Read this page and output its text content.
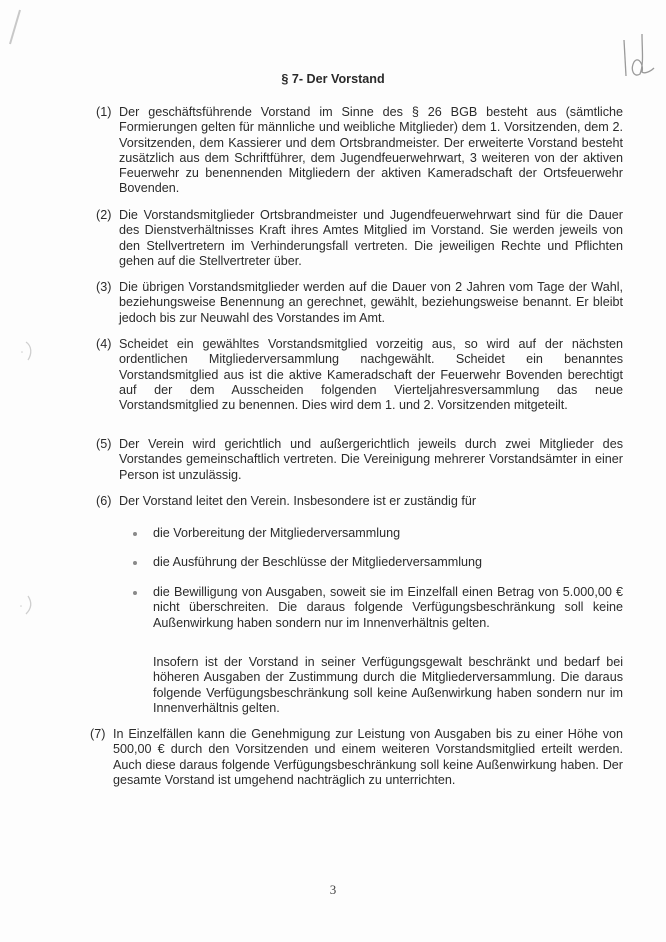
§ 7- Der Vorstand
(1) Der geschäftsführende Vorstand im Sinne des § 26 BGB besteht aus (sämtliche Formierungen gelten für männliche und weibliche Mitglieder) dem 1. Vorsitzenden, dem 2. Vorsitzenden, dem Kassierer und dem Ortsbrandmeister. Der erweiterte Vorstand besteht zusätzlich aus dem Schriftführer, dem Jugendfeuerwehrwart, 3 weiteren von der aktiven Feuerwehr zu benennenden Mitgliedern der aktiven Kameradschaft der Ortsfeuerwehr Bovenden.
(2) Die Vorstandsmitglieder Ortsbrandmeister und Jugendfeuerwehrwart sind für die Dauer des Dienstverhältnisses Kraft ihres Amtes Mitglied im Vorstand. Sie werden jeweils von den Stellvertretern im Verhinderungsfall vertreten. Die jeweiligen Rechte und Pflichten gehen auf die Stellvertreter über.
(3) Die übrigen Vorstandsmitglieder werden auf die Dauer von 2 Jahren vom Tage der Wahl, beziehungsweise Benennung an gerechnet, gewählt, beziehungsweise benannt. Er bleibt jedoch bis zur Neuwahl des Vorstandes im Amt.
(4) Scheidet ein gewähltes Vorstandsmitglied vorzeitig aus, so wird auf der nächsten ordentlichen Mitgliederversammlung nachgewählt. Scheidet ein benanntes Vorstandsmitglied aus ist die aktive Kameradschaft der Feuerwehr Bovenden berechtigt auf der dem Ausscheiden folgenden Vierteljahresversammlung das neue Vorstandsmitglied zu benennen. Dies wird dem 1. und 2. Vorsitzenden mitgeteilt.
(5) Der Verein wird gerichtlich und außergerichtlich jeweils durch zwei Mitglieder des Vorstandes gemeinschaftlich vertreten. Die Vereinigung mehrerer Vorstandsämter in einer Person ist unzulässig.
(6) Der Vorstand leitet den Verein. Insbesondere ist er zuständig für
die Vorbereitung der Mitgliederversammlung
die Ausführung der Beschlüsse der Mitgliederversammlung
die Bewilligung von Ausgaben, soweit sie im Einzelfall einen Betrag von 5.000,00 € nicht überschreiten. Die daraus folgende Verfügungsbeschränkung soll keine Außenwirkung haben sondern nur im Innenverhältnis gelten.
Insofern ist der Vorstand in seiner Verfügungsgewalt beschränkt und bedarf bei höheren Ausgaben der Zustimmung durch die Mitgliederversammlung. Die daraus folgende Verfügungsbeschränkung soll keine Außenwirkung haben sondern nur im Innenverhältnis gelten.
(7) In Einzelfällen kann die Genehmigung zur Leistung von Ausgaben bis zu einer Höhe von 500,00 € durch den Vorsitzenden und einem weiteren Vorstandsmitglied erteilt werden. Auch diese daraus folgende Verfügungsbeschränkung soll keine Außenwirkung haben. Der gesamte Vorstand ist umgehend nachträglich zu unterrichten.
3
